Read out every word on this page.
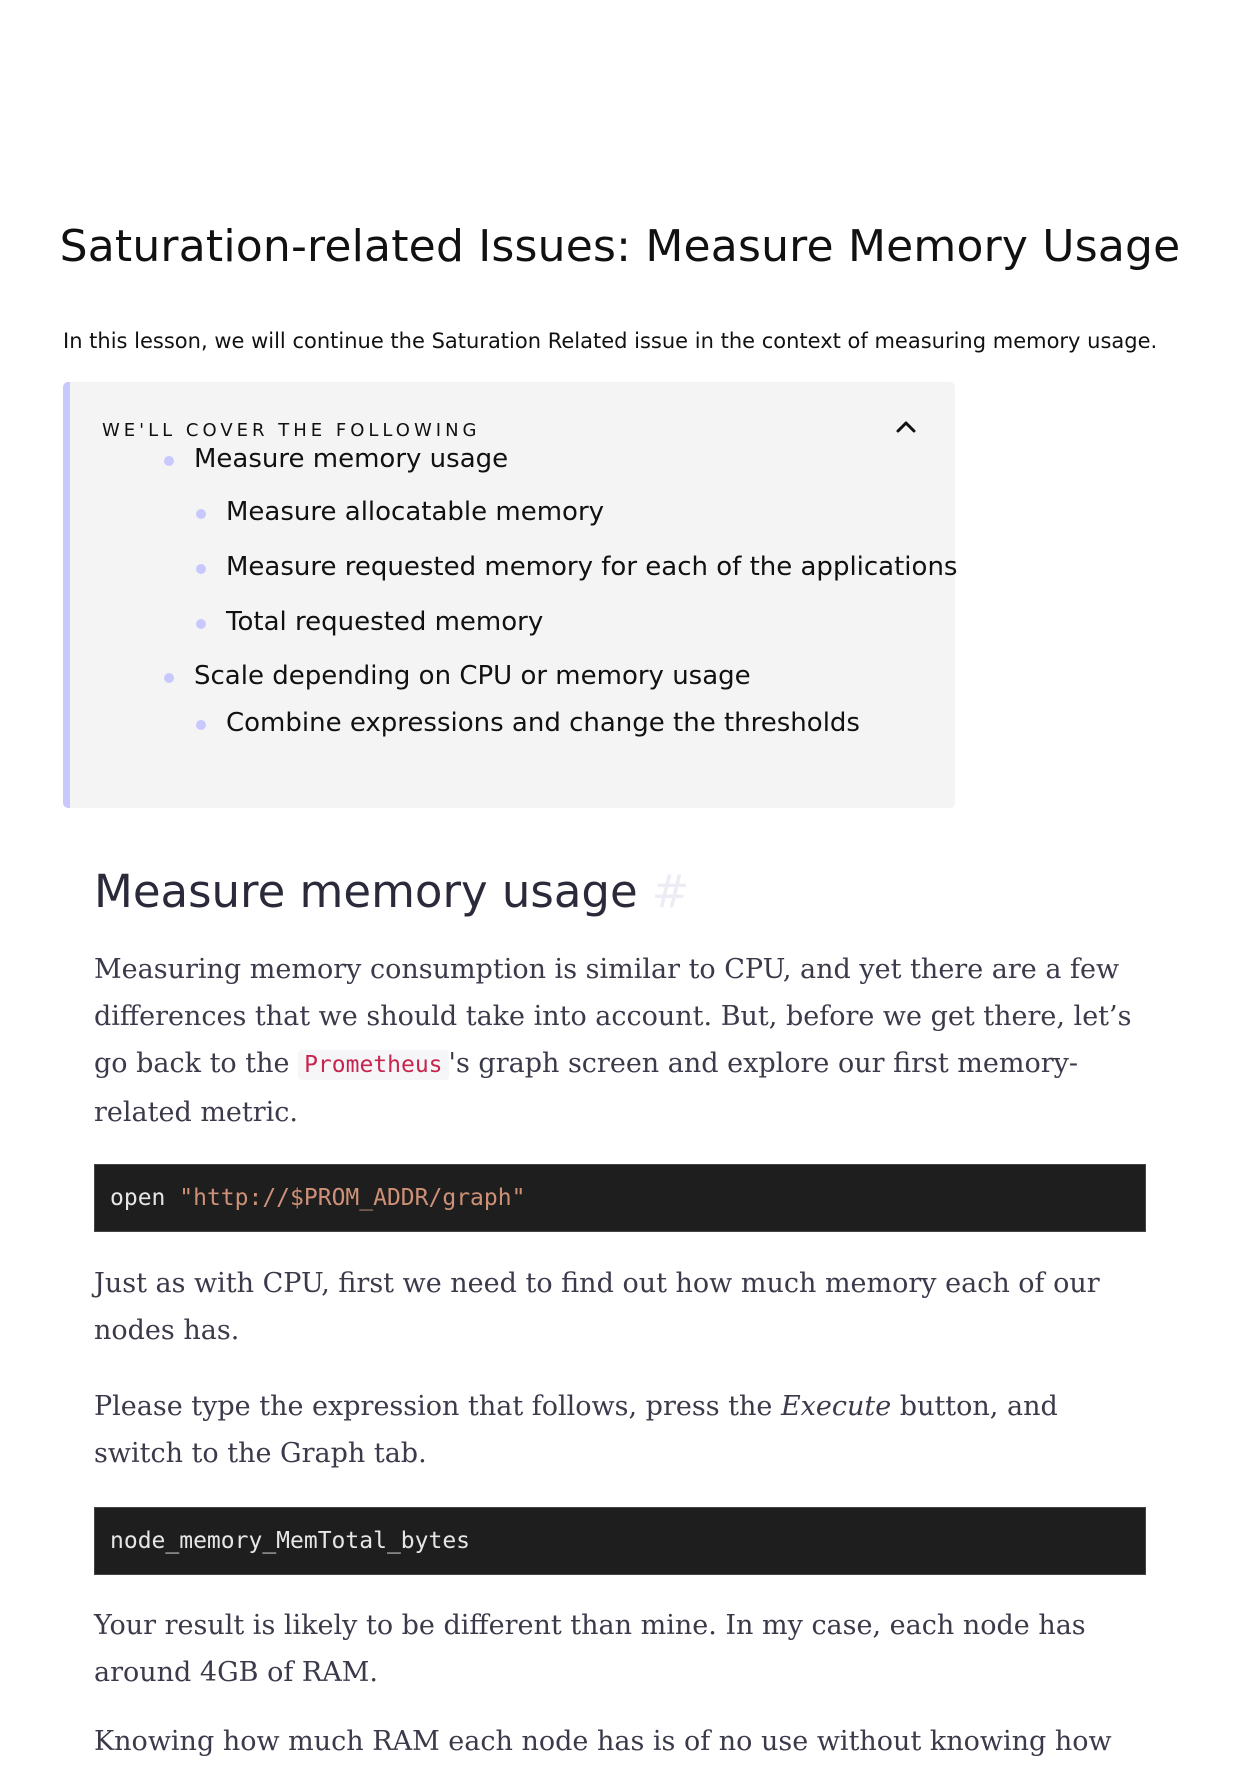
Saturation-related Issues: Measure Memory Usage

In this lesson, we will continue the Saturation Related issue in the context of measuring memory usage.

WE'LL COVER THE FOLLOWING
Measure memory usage
Measure allocatable memory
Measure requested memory for each of the applications
Total requested memory
Scale depending on CPU or memory usage
Combine expressions and change the thresholds
Measure memory usage #

Measuring memory consumption is similar to CPU, and yet there are a few differences that we should take into account. But, before we get there, let’s go back to the Prometheus 's graph screen and explore our first memory-related metric.

open "http://$PROM_ADDR/graph"

Just as with CPU, first we need to find out how much memory each of our nodes has.

Please type the expression that follows, press the Execute button, and switch to the Graph tab.

node_memory_MemTotal_bytes

Your result is likely to be different than mine. In my case, each node has around 4GB of RAM.

Knowing how much RAM each node has is of no use without knowing how
